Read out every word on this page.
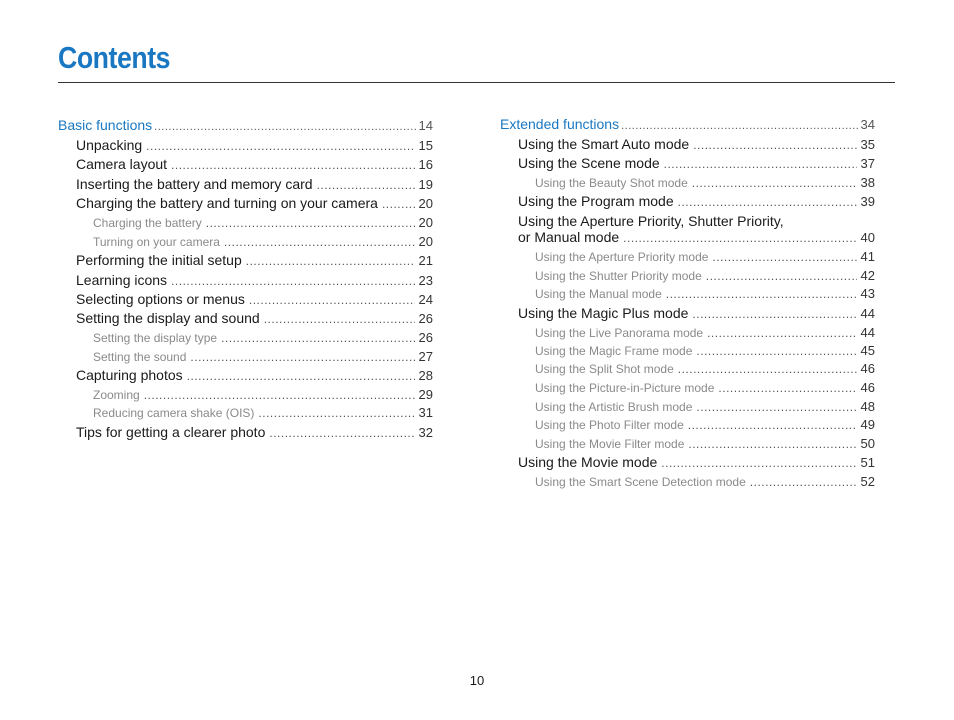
Contents
Basic functions .....	14
Unpacking .....	15
Camera layout .....	16
Inserting the battery and memory card .....	19
Charging the battery and turning on your camera .....	20
Charging the battery .....	20
Turning on your camera .....	20
Performing the initial setup .....	21
Learning icons .....	23
Selecting options or menus .....	24
Setting the display and sound .....	26
Setting the display type .....	26
Setting the sound .....	27
Capturing photos .....	28
Zooming .....	29
Reducing camera shake (OIS) .....	31
Tips for getting a clearer photo .....	32
Extended functions .....	34
Using the Smart Auto mode .....	35
Using the Scene mode .....	37
Using the Beauty Shot mode .....	38
Using the Program mode .....	39
Using the Aperture Priority, Shutter Priority,
or Manual mode .....	40
Using the Aperture Priority mode .....	41
Using the Shutter Priority mode .....	42
Using the Manual mode .....	43
Using the Magic Plus mode .....	44
Using the Live Panorama mode .....	44
Using the Magic Frame mode .....	45
Using the Split Shot mode .....	46
Using the Picture-in-Picture mode .....	46
Using the Artistic Brush mode .....	48
Using the Photo Filter mode .....	49
Using the Movie Filter mode .....	50
Using the Movie mode .....	51
Using the Smart Scene Detection mode .....	52
10
